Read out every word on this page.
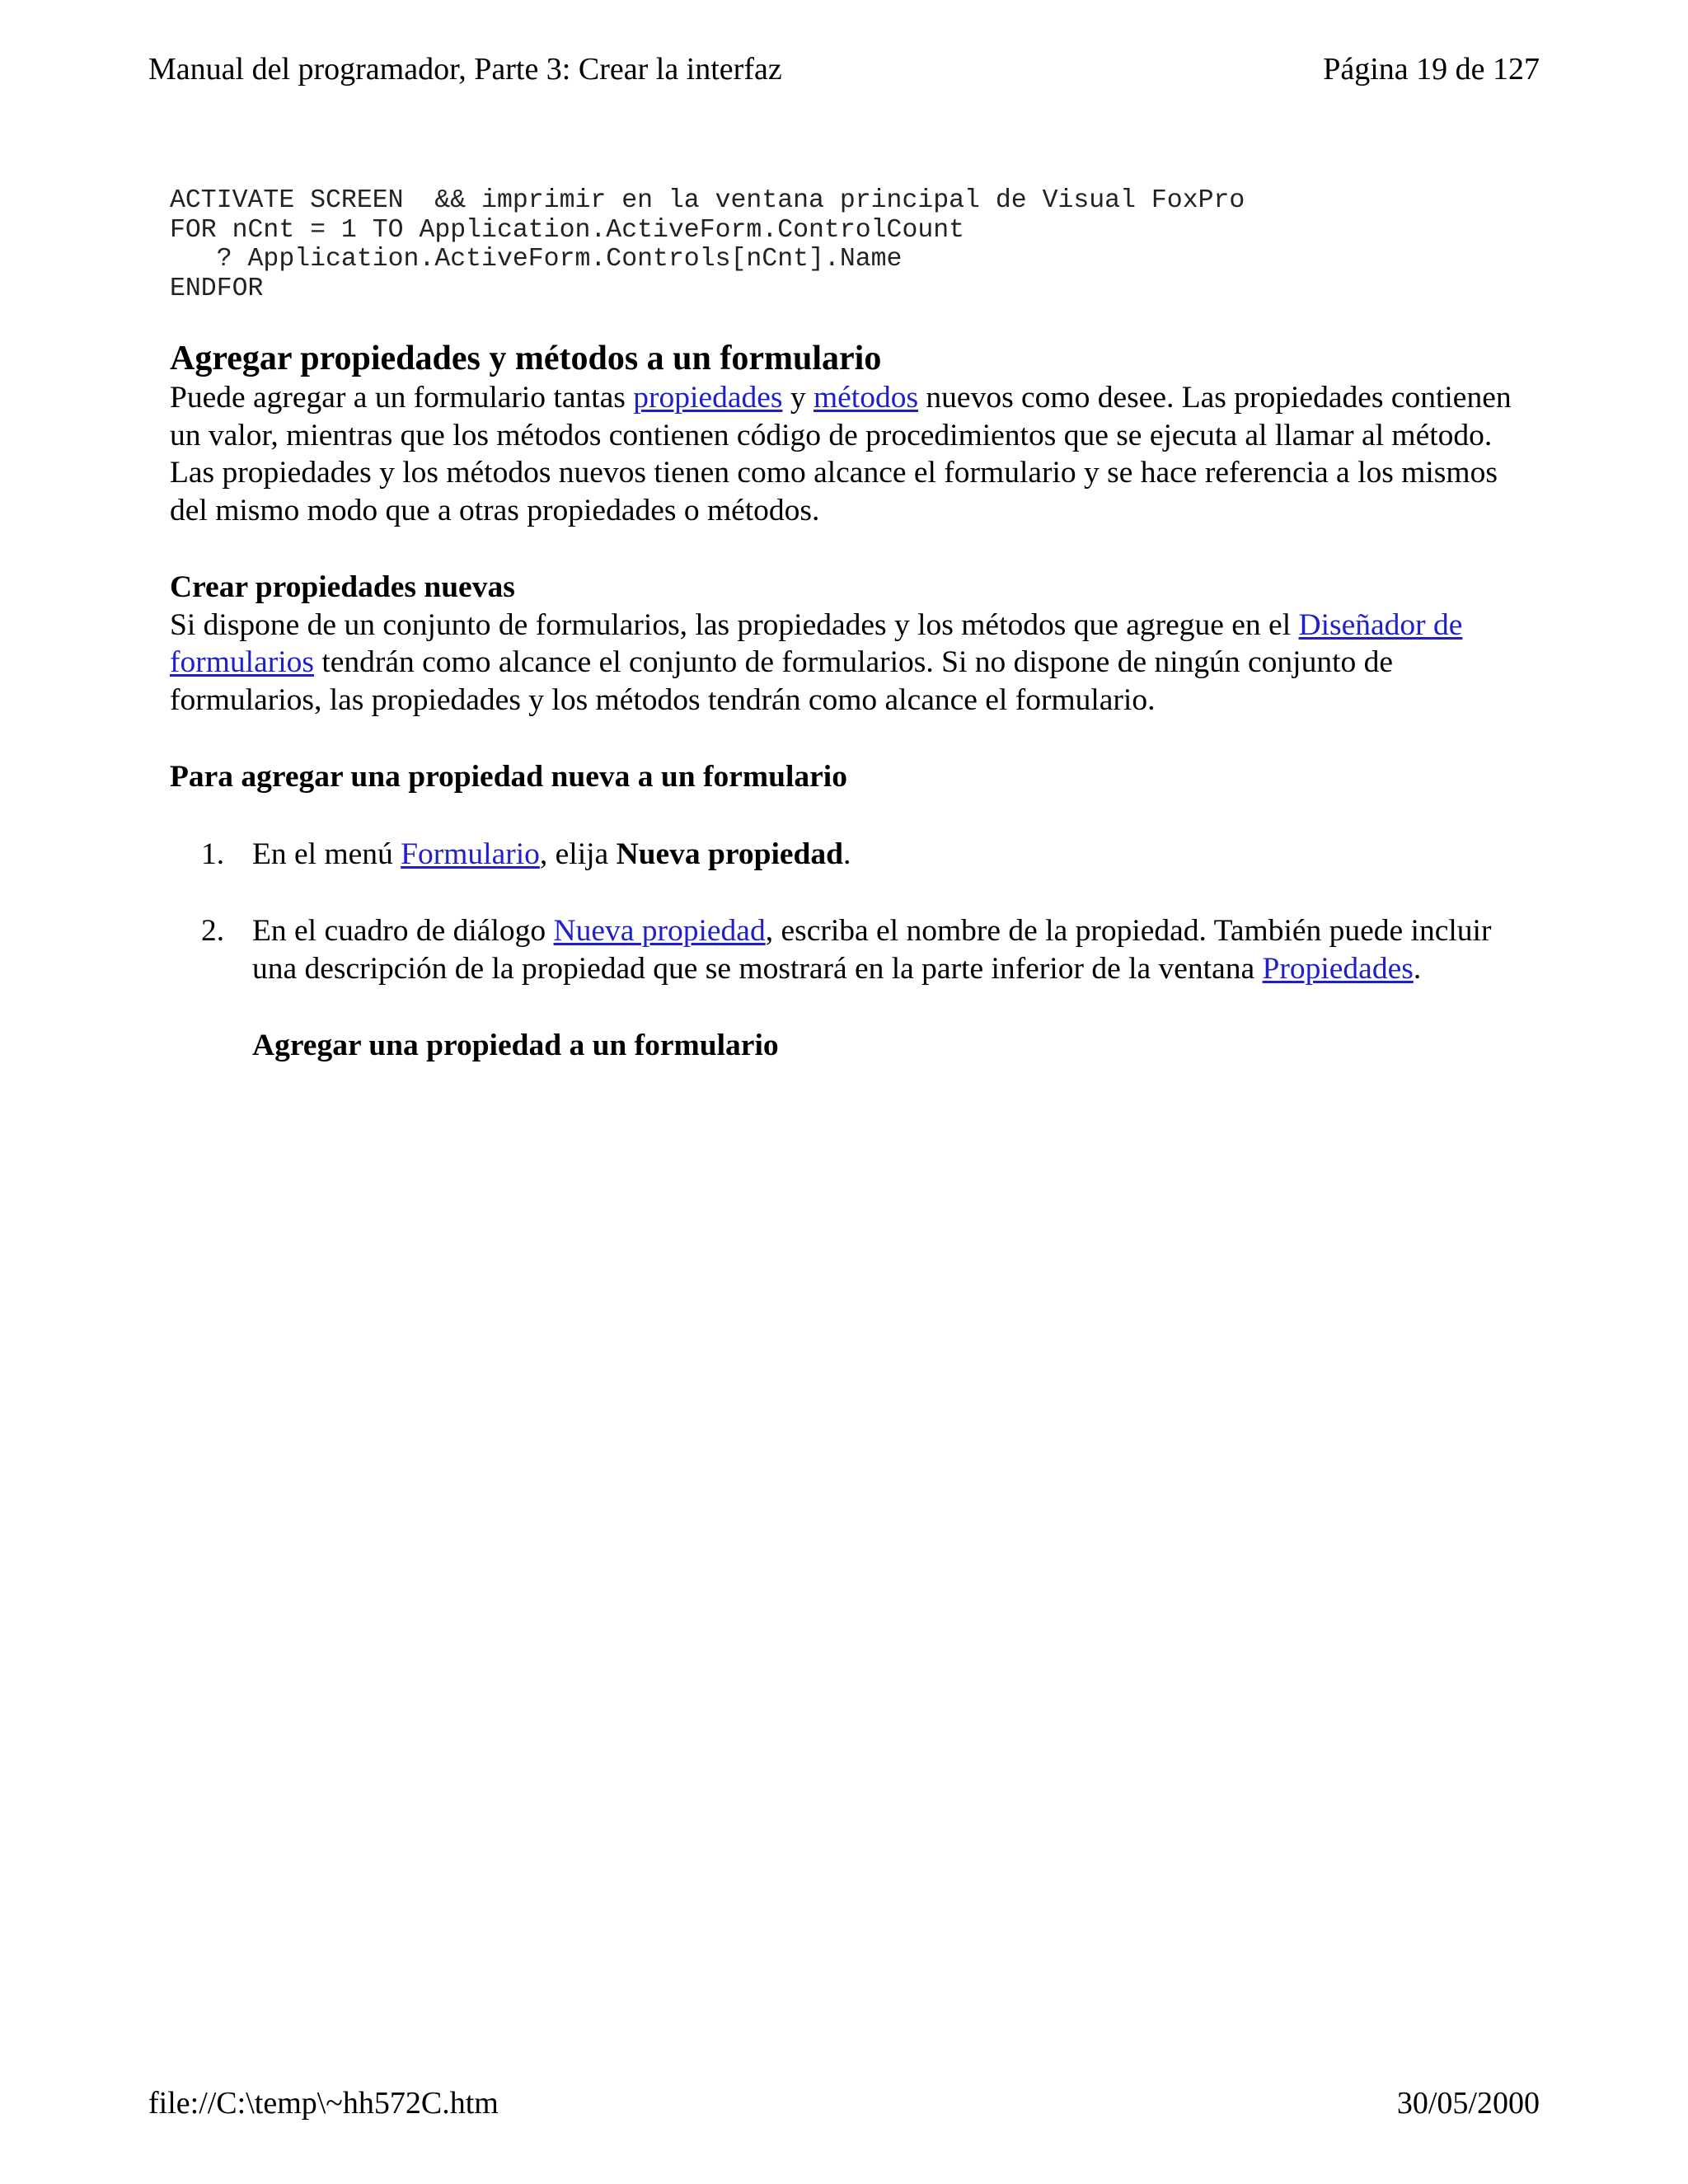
Manual del programador, Parte 3: Crear la interfaz	Página 19 de 127
ACTIVATE SCREEN  && imprimir en la ventana principal de Visual FoxPro
FOR nCnt = 1 TO Application.ActiveForm.ControlCount
? Application.ActiveForm.Controls[nCnt].Name
ENDFOR
Agregar propiedades y métodos a un formulario

Puede agregar a un formulario tantas propiedades y métodos nuevos como desee. Las propiedades contienen un valor, mientras que los métodos contienen código de procedimientos que se ejecuta al llamar al método. Las propiedades y los métodos nuevos tienen como alcance el formulario y se hace referencia a los mismos del mismo modo que a otras propiedades o métodos.

Crear propiedades nuevas

Si dispone de un conjunto de formularios, las propiedades y los métodos que agregue en el Diseñador de formularios tendrán como alcance el conjunto de formularios. Si no dispone de ningún conjunto de formularios, las propiedades y los métodos tendrán como alcance el formulario.

Para agregar una propiedad nueva a un formulario
1. En el menú Formulario, elija Nueva propiedad.
2. En el cuadro de diálogo Nueva propiedad, escriba el nombre de la propiedad. También puede incluir una descripción de la propiedad que se mostrará en la parte inferior de la ventana Propiedades.
Agregar una propiedad a un formulario
file://C:\temp\~hh572C.htm	30/05/2000
